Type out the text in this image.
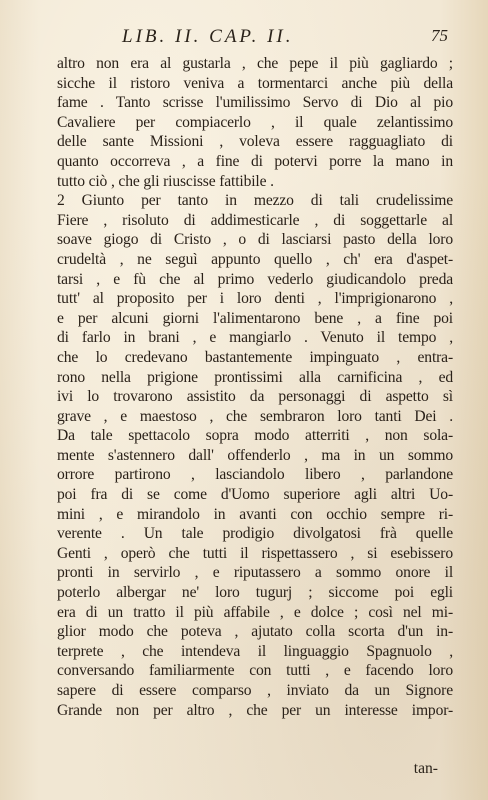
LIB. II. CAP. II.	75
altro non era al gustarla , che pepe il più gagliardo ;
sicche il ristoro veniva a tormentarci anche più della
fame . Tanto scrisse l'umilissimo Servo di Dio al pio
Cavaliere per compiacerlo , il quale zelantissimo
delle sante Missioni , voleva essere ragguagliato di
quanto occorreva , a fine di potervi porre la mano in
tutto ciò , che gli riuscisse fattibile .
2 Giunto per tanto in mezzo di tali crudelissime
Fiere , risoluto di addimesticarle , di soggettarle al
soave giogo di Cristo , o di lasciarsi pasto della loro
crudeltà , ne seguì appunto quello , ch' era d'aspet-
tarsi , e fù che al primo vederlo giudicandolo preda
tutt' al proposito per i loro denti , l'imprigionarono ,
e per alcuni giorni l'alimentarono bene , a fine poi
di farlo in brani , e mangiarlo . Venuto il tempo ,
che lo credevano bastantemente impinguato , entra-
rono nella prigione prontissimi alla carnificina , ed
ivi lo trovarono assistito da personaggi di aspetto sì
grave , e maestoso , che sembraron loro tanti Dei .
Da tale spettacolo sopra modo atterriti , non sola-
mente s'astennero dall' offenderlo , ma in un sommo
orrore partirono , lasciandolo libero , parlandone
poi fra di se come d'Uomo superiore agli altri Uo-
mini , e mirandolo in avanti con occhio sempre ri-
verente . Un tale prodigio divolgatosi frà quelle
Genti , operò che tutti il rispettassero , si esebissero
pronti in servirlo , e riputassero a sommo onore il
poterlo albergar ne' loro tugurj ; siccome poi egli
era di un tratto il più affabile , e dolce ; così nel mi-
glior modo che poteva , ajutato colla scorta d'un in-
terprete , che intendeva il linguaggio Spagnuolo ,
conversando familiarmente con tutti , e facendo loro
sapere di essere comparso , inviato da un Signore
Grande non per altro , che per un interesse impor-
tan-
